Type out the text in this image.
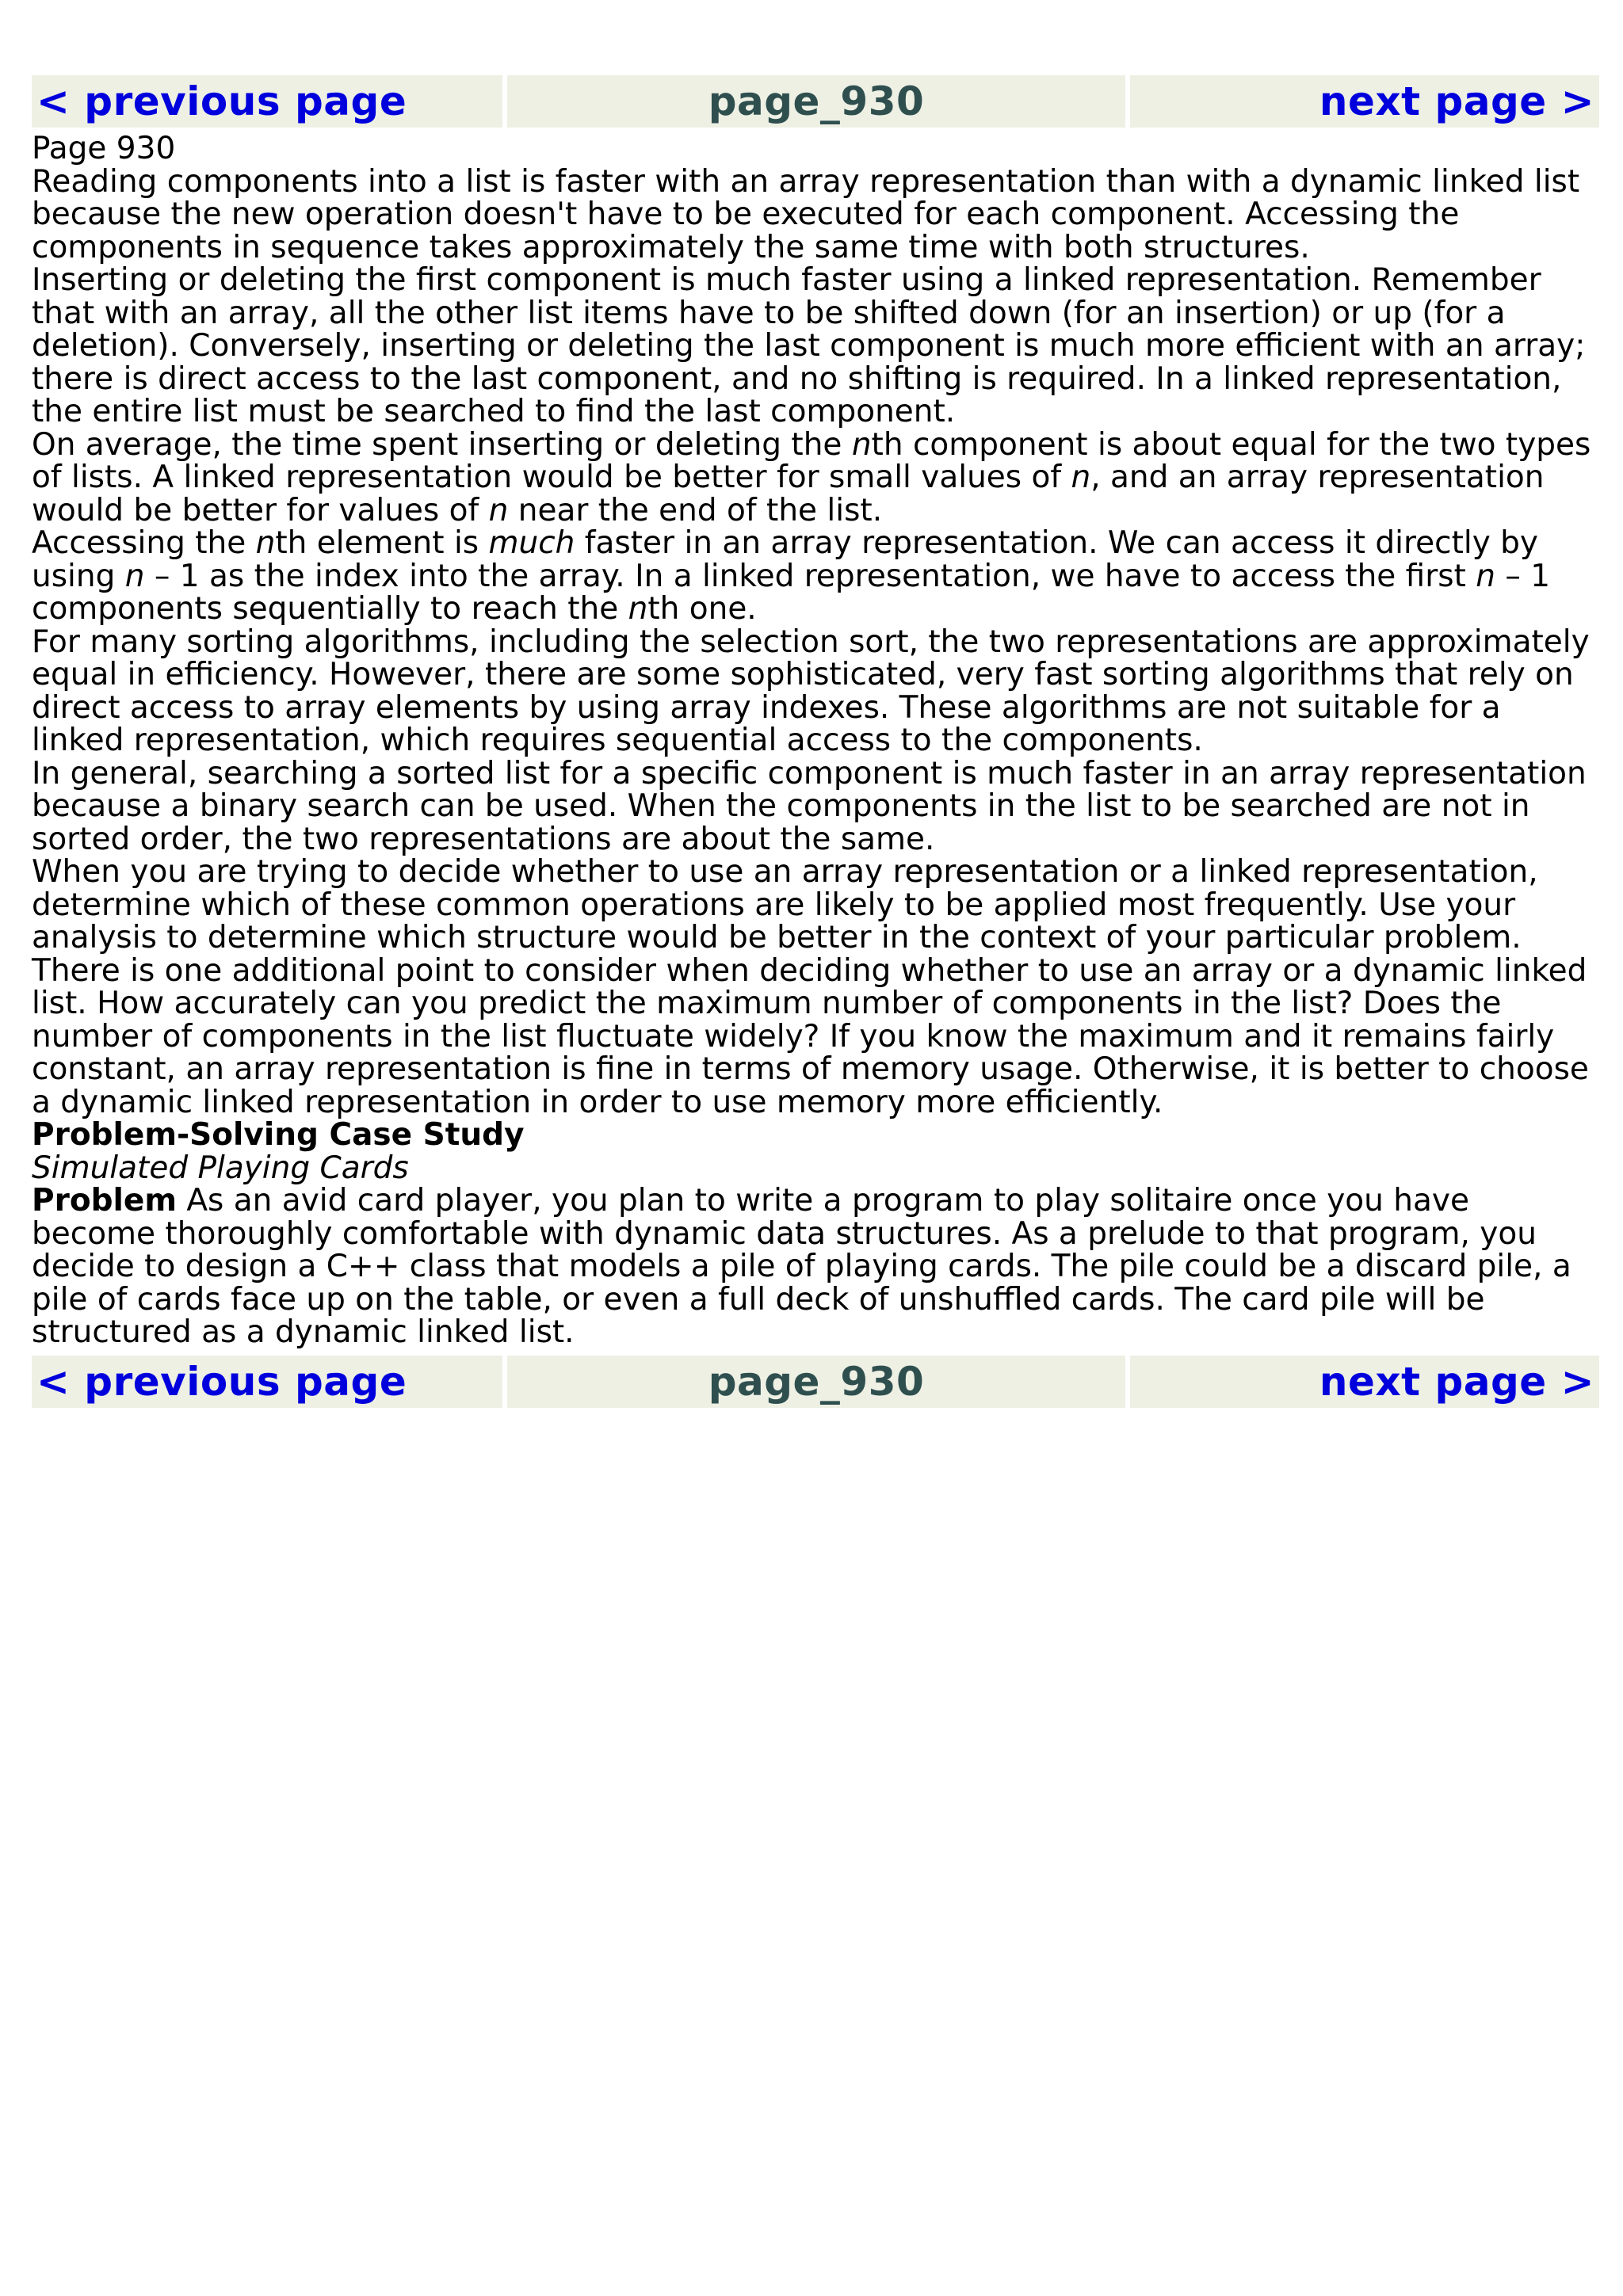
< previous page	page_930	next page >

Page 930

Reading components into a list is faster with an array representation than with a dynamic linked list because the new operation doesn't have to be executed for each component. Accessing the components in sequence takes approximately the same time with both structures.

Inserting or deleting the first component is much faster using a linked representation. Remember that with an array, all the other list items have to be shifted down (for an insertion) or up (for a deletion). Conversely, inserting or deleting the last component is much more efficient with an array; there is direct access to the last component, and no shifting is required. In a linked representation, the entire list must be searched to find the last component.

On average, the time spent inserting or deleting the nth component is about equal for the two types of lists. A linked representation would be better for small values of n, and an array representation would be better for values of n near the end of the list.

Accessing the nth element is much faster in an array representation. We can access it directly by using n – 1 as the index into the array. In a linked representation, we have to access the first n – 1 components sequentially to reach the nth one.

For many sorting algorithms, including the selection sort, the two representations are approximately equal in efficiency. However, there are some sophisticated, very fast sorting algorithms that rely on direct access to array elements by using array indexes. These algorithms are not suitable for a linked representation, which requires sequential access to the components.

In general, searching a sorted list for a specific component is much faster in an array representation because a binary search can be used. When the components in the list to be searched are not in sorted order, the two representations are about the same.

When you are trying to decide whether to use an array representation or a linked representation, determine which of these common operations are likely to be applied most frequently. Use your analysis to determine which structure would be better in the context of your particular problem.

There is one additional point to consider when deciding whether to use an array or a dynamic linked list. How accurately can you predict the maximum number of components in the list? Does the number of components in the list fluctuate widely? If you know the maximum and it remains fairly constant, an array representation is fine in terms of memory usage. Otherwise, it is better to choose a dynamic linked representation in order to use memory more efficiently.

Problem-Solving Case Study

Simulated Playing Cards

Problem As an avid card player, you plan to write a program to play solitaire once you have become thoroughly comfortable with dynamic data structures. As a prelude to that program, you decide to design a C++ class that models a pile of playing cards. The pile could be a discard pile, a pile of cards face up on the table, or even a full deck of unshuffled cards. The card pile will be structured as a dynamic linked list.

< previous page	page_930	next page >
